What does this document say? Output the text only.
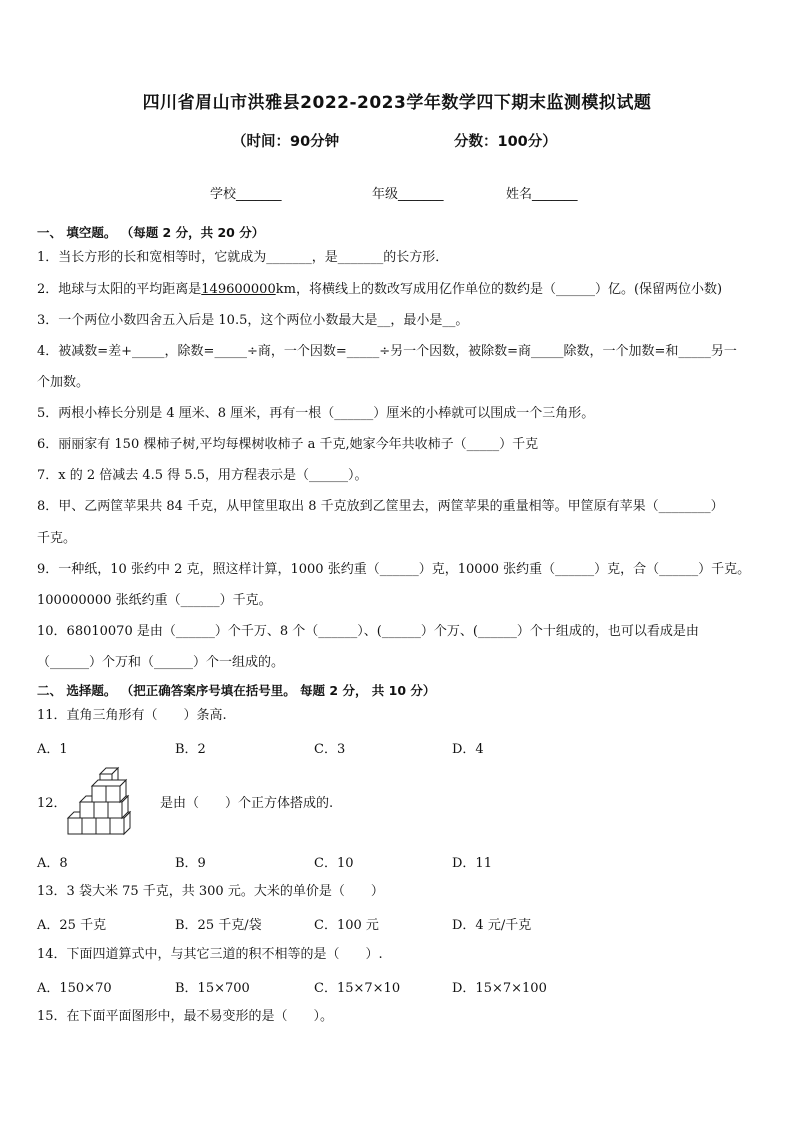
四川省眉山市洪雅县2022-2023学年数学四下期末监测模拟试题
（时间：90分钟	分数：100分）
学校_______	年级_______	姓名_______
一、 填空题。 （每题 2 分，共 20 分）
1．当长方形的长和宽相等时，它就成为_______，是_______的长方形．
2．地球与太阳的平均距离是149600000km，将横线上的数改写成用亿作单位的数约是（______）亿。(保留两位小数)
3．一个两位小数四舍五入后是 10.5，这个两位小数最大是__，最小是__。
4．被减数=差+_____，除数=_____÷商，一个因数=_____÷另一个因数，被除数=商_____除数，一个加数=和_____另一
个加数。
5．两根小棒长分别是 4 厘米、8 厘米，再有一根（______）厘米的小棒就可以围成一个三角形。
6．丽丽家有 150 棵柿子树,平均每棵树收柿子 a 千克,她家今年共收柿子（_____）千克
7．x 的 2 倍减去 4.5 得 5.5，用方程表示是（______）。
8．甲、乙两筐苹果共 84 千克，从甲筐里取出 8 千克放到乙筐里去，两筐苹果的重量相等。甲筐原有苹果（________）
千克。
9．一种纸，10 张约中 2 克，照这样计算，1000 张约重（______）克，10000 张约重（______）克，合（______）千克。
100000000 张纸约重（______）千克。
10．68010070 是由（______）个千万、8 个（______）、(______）个万、(______）个十组成的，也可以看成是由
（______）个万和（______）个一组成的。
二、 选择题。 （把正确答案序号填在括号里。 每题 2 分， 共 10 分）
11．直角三角形有（　　）条高.
A．1	B．2	C．3	D．4
12．	是由（　　）个正方体搭成的.
A．8	B．9	C．10	D．11
13．3 袋大米 75 千克，共 300 元。大米的单价是（　　）
A．25 千克	B．25 千克/袋	C．100 元	D．4 元/千克
14．下面四道算式中，与其它三道的积不相等的是（　　）.
A．150×70	B．15×700	C．15×7×10	D．15×7×100
15．在下面平面图形中，最不易变形的是（　　）。
